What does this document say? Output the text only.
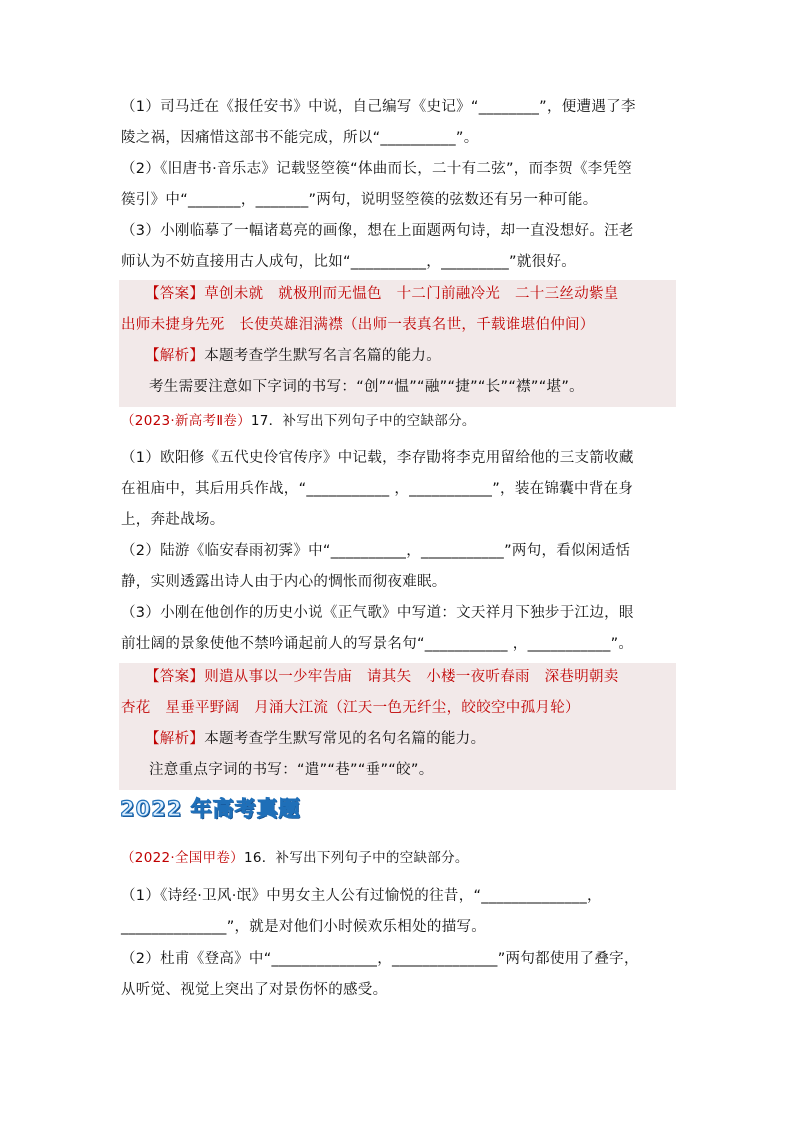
（1）司马迁在《报任安书》中说，自己编写《史记》“________”，便遭遇了李
陵之祸，因痛惜这部书不能完成，所以“__________”。
（2）《旧唐书·音乐志》记载竖箜篌“体曲而长，二十有二弦”，而李贺《李凭箜
篌引》中“_______，_______”两句，说明竖箜篌的弦数还有另一种可能。
（3）小刚临摹了一幅诸葛亮的画像，想在上面题两句诗，却一直没想好。汪老
师认为不妨直接用古人成句，比如“__________，_________”就很好。
【答案】草创未就　就极刑而无愠色　十二门前融冷光　二十三丝动紫皇
出师未捷身先死　长使英雄泪满襟（出师一表真名世，千载谁堪伯仲间）
【解析】本题考查学生默写名言名篇的能力。
考生需要注意如下字词的书写：“创”“愠”“融”“捷”“长”“襟”“堪”。
（2023·新高考Ⅱ卷）17．补写出下列句子中的空缺部分。
（1）欧阳修《五代史伶官传序》中记载，李存勖将李克用留给他的三支箭收藏
在祖庙中，其后用兵作战，“___________ ，___________”，装在锦囊中背在身
上，奔赴战场。
（2）陆游《临安春雨初霁》中“__________，___________”两句，看似闲适恬
静，实则透露出诗人由于内心的惆怅而彻夜难眠。
（3）小刚在他创作的历史小说《正气歌》中写道：文天祥月下独步于江边，眼
前壮阔的景象使他不禁吟诵起前人的写景名句“___________ ，___________”。
【答案】则遣从事以一少牢告庙　请其矢　小楼一夜听春雨　深巷明朝卖
杏花　星垂平野阔　月涌大江流（江天一色无纤尘，皎皎空中孤月轮）
【解析】本题考查学生默写常见的名句名篇的能力。
注意重点字词的书写：“遣”“巷”“垂”“皎”。
2022 年高考真题
（2022·全国甲卷）16．补写出下列句子中的空缺部分。
（1）《诗经·卫风·氓》中男女主人公有过愉悦的往昔，“______________，
______________”，就是对他们小时候欢乐相处的描写。
（2）杜甫《登高》中“______________，______________”两句都使用了叠字，
从听觉、视觉上突出了对景伤怀的感受。
